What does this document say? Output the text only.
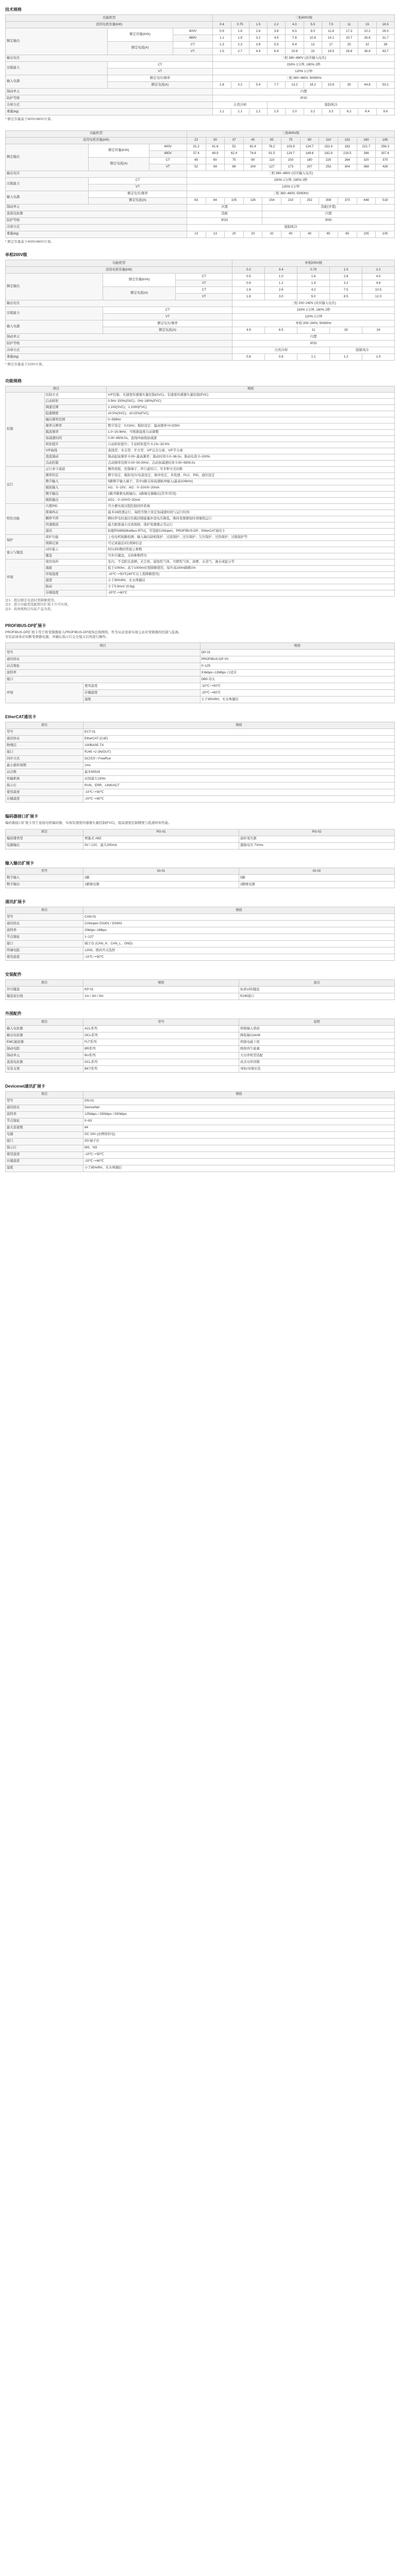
技术规格
功能机型			三相400V级									
适用电机容量(kW)			0.4	0.75	1.5	2.2	4.0	5.5	7.5	11	15	18.5
额定输出	额定容量(kVA)	400V	0.9	1.6	2.6	3.8	6.5	9.0	11.8	17.3	22.2	26.5
		480V	1.1	1.9	3.2	4.5	7.8	10.8	14.1	20.7	26.6	31.7
	额定电流(A)	CT	1.3	2.3	3.8	5.5	9.4	13	17	25	32	38
		VT	1.5	2.7	4.4	6.4	10.8	15	19.5	28.8	36.8	43.7
输出电压			三相 380~480V (对应输入电压)									
过载能力	CT		150% 1分钟, 180% 2秒									
	VT		120% 1分钟									
输入电源	额定电压/频率		三相 380~480V, 50/60Hz									
	额定电流(A)		1.8	3.2	5.4	7.7	13.2	18.2	23.8	35	44.8	53.2
制动单元			内置									
防护等级			IP20									
冷却方式			自然冷却			强制风冷						
重量(kg)			1.1	1.1	1.2	1.5	2.0	3.2	3.3	6.2	6.4	9.6
* 额定容量基于400V/480V计算。
功能机型			三相400V级										
适用电机容量(kW)			22	30	37	45	55	75	90	110	132	160	185
额定输出	额定容量(kVA)	400V	31.2	41.6	52	62.4	76.2	103.9	124.7	152.4	183	221.7	256.3
		480V	37.4	49.9	62.4	74.8	91.5	124.7	149.6	182.9	219.5	266	307.6
	额定电流(A)	CT	45	60	75	90	110	150	180	220	264	320	370
		VT	52	69	86	104	127	173	207	253	304	368	426
输出电压			三相 380~480V (对应输入电压)										
过载能力	CT		150% 1分钟, 180% 2秒										
	VT		120% 1分钟										
输入电源	额定电压/频率		三相 380~480V, 50/60Hz										
	额定电流(A)		63	84	105	126	154	210	252	308	370	448	518
制动单元			内置				选配(外置)						
直流电抗器			选配				内置						
防护等级			IP20				IP00						
冷却方式			强制风冷										
重量(kg)			13	13	20	20	32	40	40	65	65	105	105
* 额定容量基于400V/480V计算。
单相200V级
功能机型			单相200V级				
适用电机容量(kW)			0.2	0.4	0.75	1.5	2.2
额定输出	额定容量(kVA)	CT	0.5	1.0	1.6	2.8	4.0
		VT	0.6	1.2	1.9	3.2	4.6
	额定电流(A)	CT	1.6	2.6	4.2	7.5	10.5
		VT	1.8	3.0	5.0	8.5	12.0
输出电压			三相 200~240V (对应输入电压)				
过载能力	CT		150% 1分钟, 180% 2秒				
	VT		120% 1分钟				
输入电源	额定电压/频率		单相 200~240V, 50/60Hz				
	额定电流(A)		4.9	6.5	11	18	24
制动单元			内置				
防护等级			IP20				
冷却方式			自然冷却			强制风冷	
重量(kg)			0.8	0.8	1.1	1.2	1.5
* 额定容量基于220V计算。
功能规格
项目		规格
控制	控制方式	V/F控制、无速度传感器矢量控制(SVC)、有速度传感器矢量控制(FVC)
	启动转矩	0.5Hz 150%(SVC)；0Hz 180%(FVC)
	调速范围	1:100(SVC)；1:1000(FVC)
	稳速精度	±0.5%(SVC)；±0.02%(FVC)
	输出频率范围	0~599Hz
	频率分辨率	数字设定：0.01Hz；模拟设定：最高频率×0.025%
	载波频率	1.0~16.0kHz，可根据温度自动调整
	加减速时间	0.00~6500.0s，直线/S曲线加减速
	转矩提升	自动转矩提升；手动转矩提升 0.1%~30.0%
	V/F曲线	直线型、多点型、平方型、V/F完全分离、V/F半分离
	直流制动	制动起始频率 0.00~最高频率；制动时间 0.0~36.0s；制动电流 0~100%
	点动控制	点动频率范围 0.00~50.00Hz；点动加减速时间 0.00~6500.0s
运行	运行命令通道	操作面板、控制端子、串行通讯口，可多种方式切换
	频率给定	数字设定、模拟电压/电流设定、脉冲设定、多段速、PLC、PID、通讯设定
	数字输入	5路数字输入端子，其中1路支持高速脉冲输入(最高100kHz)
	模拟输入	AI1：0~10V；AI2：0~10V/0~20mA
	数字输出	1路开路集电极输出；1路继电器输出(常开/常闭)
	模拟输出	AO1：0~10V/0~20mA
特色功能	内置PID	可方便实现过程控制闭环系统
	简易PLC	最多16段速运行，每段可独立设定加减速时间与运行时间
	瞬停不停	瞬时停电时通过负载回馈能量补偿电压降低，维持变频器短时间继续运行
	快速限流	最大限度减小过流故障，保护变频器正常运行
	通讯	标配RS485(Modbus-RTU)，可选配CANopen、PROFIBUS-DP、EtherCAT通讯卡
保护	保护功能	上电电机短路检测、输入输出缺相保护、过流保护、过压保护、欠压保护、过热保护、过载保护等
	故障记录	可记录最近3次故障信息
显示与键盘	LED显示	5位LED数码管显示参数
	键盘	可外引键盘，支持参数拷贝
环境	使用场所	室内，不受阳光直晒，无尘埃、腐蚀性气体、可燃性气体、油雾、水蒸气、滴水或盐分等
	海拔	低于1000m；高于1000m时需降额使用，每升高100m降额1%
	环境温度	-10℃~+50℃(40℃以上需降额使用)
	湿度	小于95%RH，无水珠凝结
	振动	小于5.9m/s² (0.6g)
	存储温度	-20℃~+60℃
注1：超出额定电流时需降额使用。
注2：部分功能需选配相应扩展卡方可实现。
注3：具体规格以实际产品为准。
PROFIBUS-DP扩展卡
PROFIBUS-DP扩展卡用于将变频器接入PROFIBUS-DP现场总线网络，作为从站设备实现主站对变频器的控制与监视。
安装前请务必切断变频器电源，并确认指示灯完全熄灭后再进行操作。
项目		规格
型号		DP-01
通讯协议		PROFIBUS-DP V0
站点地址		0~125
波特率		9.6kbps~12Mbps 自适应
接口		DB9 母头
环境	使用温度	-10℃~+50℃
	存储温度	-20℃~+60℃
	湿度	小于95%RH，无水珠凝结
EtherCAT通讯卡
项目	规格
型号	ECT-01
通讯协议	EtherCAT (CoE)
物理层	100BASE-TX
接口	RJ45 ×2 (IN/OUT)
同步方式	DC同步 / FreeRun
最小循环周期	1ms
站点数	最多65535
传输距离	站间最大100m
指示灯	RUN、ERR、LINK/ACT
使用温度	-10℃~+50℃
存储温度	-20℃~+60℃
编码器接口扩展卡
编码器接口扩展卡用于连接电机编码器，实现有速度传感器矢量控制(FVC)，提高速度控制精度与低速转矩性能。
项目	PG-01	PG-02
编码器类型	增量式 ABZ	旋转变压器
电源输出	5V / 12V，最大200mA	激励电压 7Vrms
输入输出扩展卡
型号	IO-01	IO-02
数字输入	3路	5路
数字输出	1路继电器	2路继电器
通讯扩展卡
项目	规格
型号	CAN-01
通讯协议	CANopen DS301 / DS402
波特率	20kbps~1Mbps
节点地址	1~127
接口	端子台 (CAN_H、CAN_L、GND)
终端电阻	120Ω，拨码开关选择
使用温度	-10℃~+50℃
安装配件
项目	规格	备注
外引键盘	KP-01	标准LED键盘
键盘延长线	1m / 3m / 5m	RJ45接口
外围配件
项目	型号	说明
输入电抗器	ACL系列	抑制输入谐波
输出电抗器	OCL系列	降低输出dv/dt
EMC滤波器	FLT系列	抑制电磁干扰
制动电阻	BR系列	吸收再生能量
制动单元	BU系列	大功率机型选配
直流电抗器	DCL系列	改善功率因数
安装支架	BKT系列	导轨/穿墙安装
Devicenet通讯扩展卡
项目	规格
型号	DN-01
通讯协议	DeviceNet
波特率	125kbps / 250kbps / 500kbps
节点地址	0~63
最大连接数	64
电源	DC 24V (由网络供电)
接口	5针端子台
指示灯	MS、NS
使用温度	-10℃~+50℃
存储温度	-20℃~+60℃
湿度	小于95%RH，无水珠凝结
